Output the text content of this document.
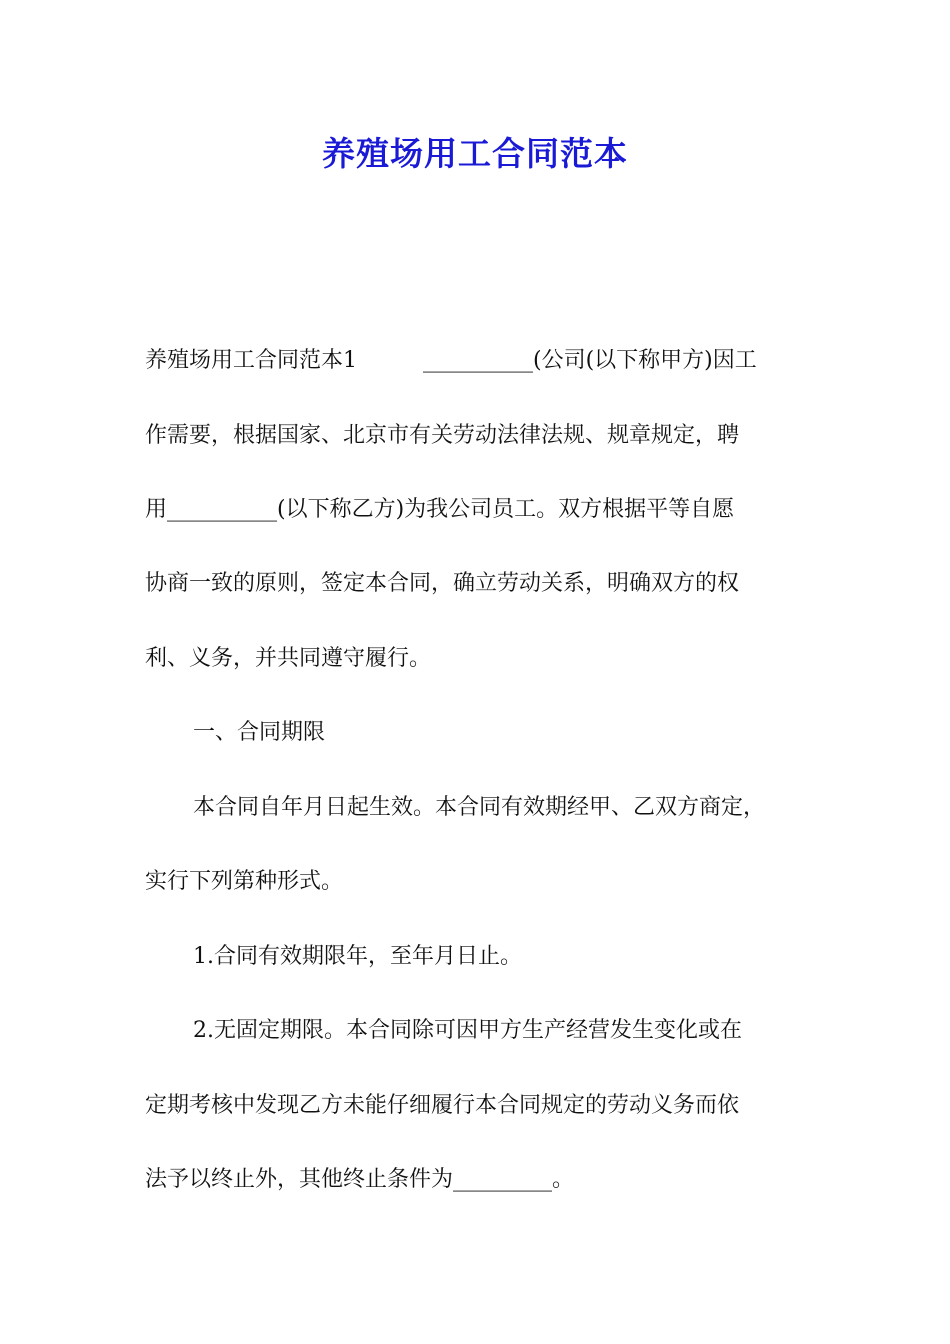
养殖场用工合同范本

养殖场用工合同范本1　　　__________(公司(以下称甲方)因工

作需要，根据国家、北京市有关劳动法律法规、规章规定，聘

用__________(以下称乙方)为我公司员工。双方根据平等自愿

协商一致的原则，签定本合同，确立劳动关系，明确双方的权

利、义务，并共同遵守履行。

一、合同期限

本合同自年月日起生效。本合同有效期经甲、乙双方商定，

实行下列第种形式。

1.合同有效期限年，至年月日止。

2.无固定期限。本合同除可因甲方生产经营发生变化或在

定期考核中发现乙方未能仔细履行本合同规定的劳动义务而依

法予以终止外，其他终止条件为_________。
